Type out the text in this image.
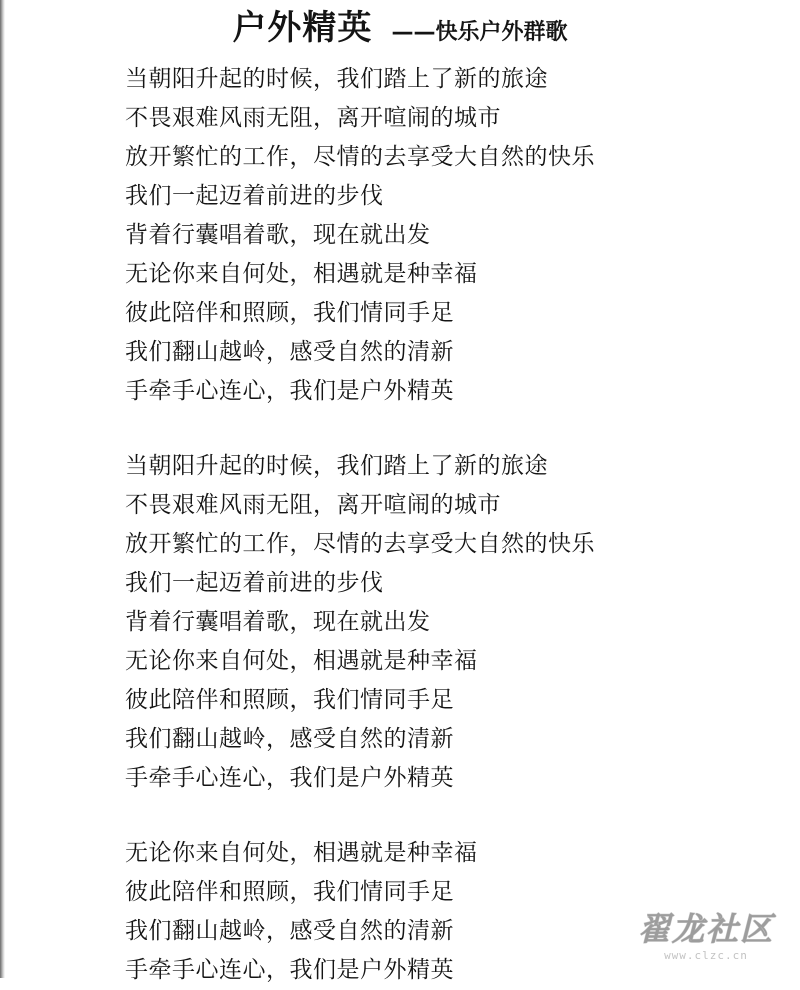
户外精英 ——快乐户外群歌
当朝阳升起的时候，我们踏上了新的旅途
不畏艰难风雨无阻，离开喧闹的城市
放开繁忙的工作，尽情的去享受大自然的快乐
我们一起迈着前进的步伐
背着行囊唱着歌，现在就出发
无论你来自何处，相遇就是种幸福
彼此陪伴和照顾，我们情同手足
我们翻山越岭，感受自然的清新
手牵手心连心，我们是户外精英
当朝阳升起的时候，我们踏上了新的旅途
不畏艰难风雨无阻，离开喧闹的城市
放开繁忙的工作，尽情的去享受大自然的快乐
我们一起迈着前进的步伐
背着行囊唱着歌，现在就出发
无论你来自何处，相遇就是种幸福
彼此陪伴和照顾，我们情同手足
我们翻山越岭，感受自然的清新
手牵手心连心，我们是户外精英
无论你来自何处，相遇就是种幸福
彼此陪伴和照顾，我们情同手足
我们翻山越岭，感受自然的清新
手牵手心连心，我们是户外精英
翟龙社区
www.clzc.cn
